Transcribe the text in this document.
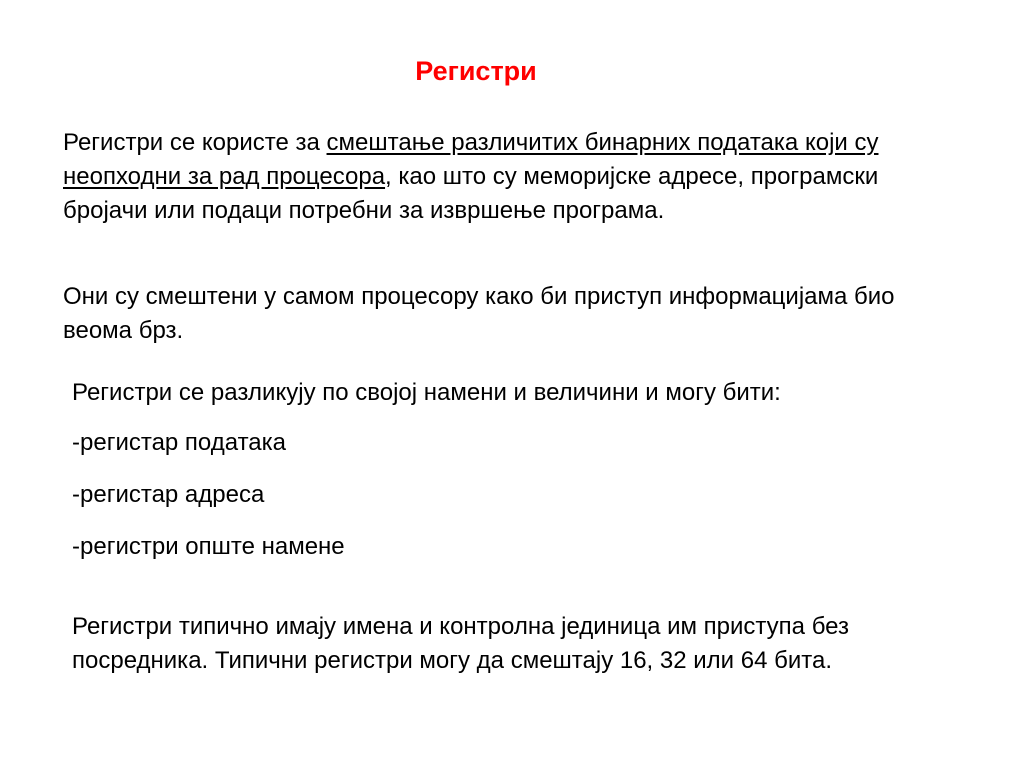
Регистри

Регистри се користе за смештање различитих бинарних података који су неопходни за рад процесора, као што су меморијске адресе, програмски бројачи или подаци потребни за извршење програма.

Они су смештени у самом процесору како би приступ информацијама био веома брз.

Регистри се разликују по својој намени и величини и могу бити:

-регистар података

-регистар адреса

-регистри опште намене

Регистри типично имају имена и контролна јединица им приступа без посредника. Типични регистри могу да смештају 16, 32 или 64 бита.
